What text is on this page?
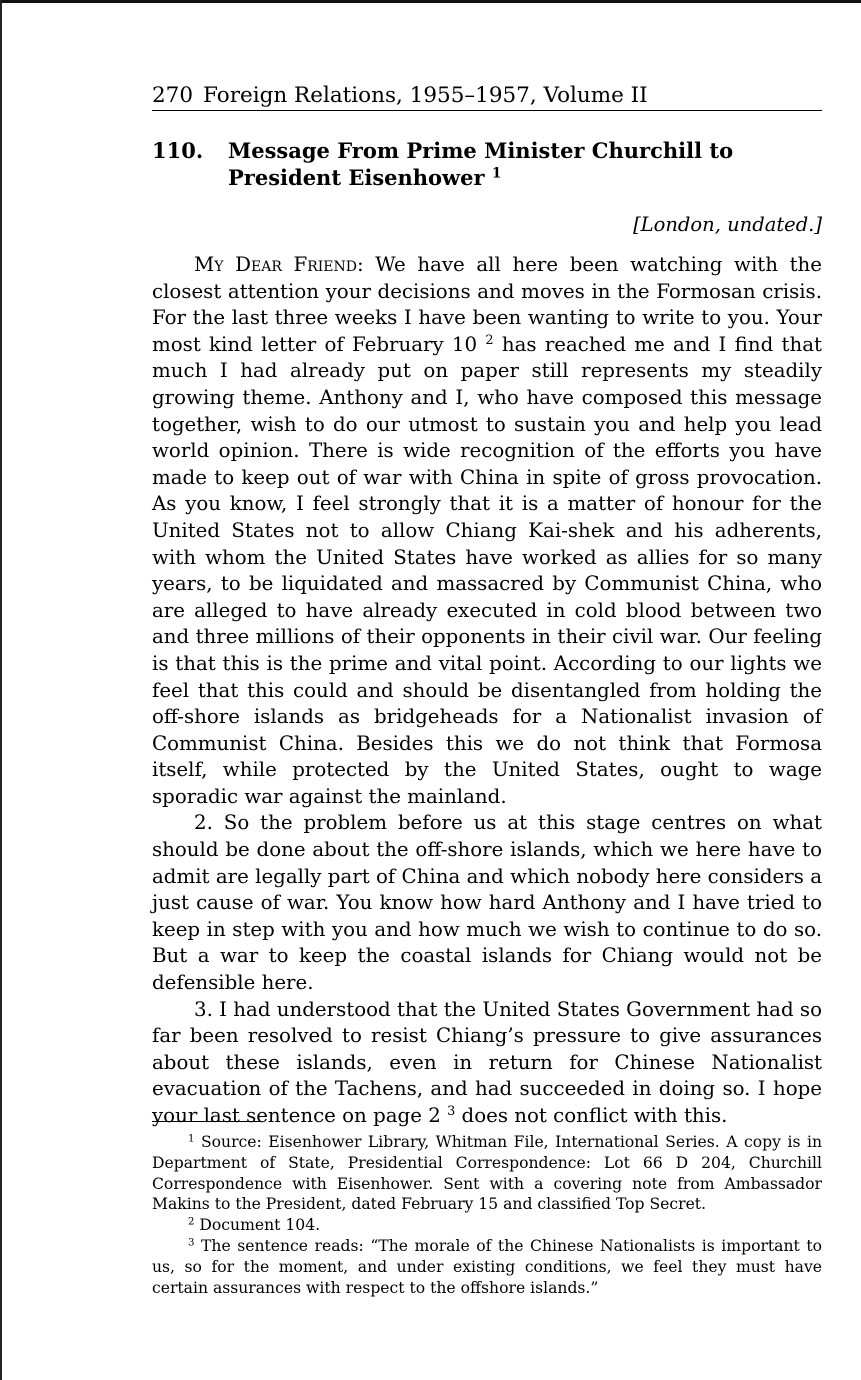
270 Foreign Relations, 1955–1957, Volume II
110. Message From Prime Minister Churchill to President Eisenhower $^1$
[London, undated.]

My Dear Friend: We have all here been watching with the closest attention your decisions and moves in the Formosan crisis. For the last three weeks I have been wanting to write to you. Your most kind letter of February 10 $^2$ has reached me and I find that much I had already put on paper still represents my steadily growing theme. Anthony and I, who have composed this message together, wish to do our utmost to sustain you and help you lead world opinion. There is wide recognition of the efforts you have made to keep out of war with China in spite of gross provocation. As you know, I feel strongly that it is a matter of honour for the United States not to allow Chiang Kai-shek and his adherents, with whom the United States have worked as allies for so many years, to be liquidated and massacred by Communist China, who are alleged to have already executed in cold blood between two and three millions of their opponents in their civil war. Our feeling is that this is the prime and vital point. According to our lights we feel that this could and should be disentangled from holding the off-shore islands as bridgeheads for a Nationalist invasion of Communist China. Besides this we do not think that Formosa itself, while protected by the United States, ought to wage sporadic war against the mainland.

2. So the problem before us at this stage centres on what should be done about the off-shore islands, which we here have to admit are legally part of China and which nobody here considers a just cause of war. You know how hard Anthony and I have tried to keep in step with you and how much we wish to continue to do so. But a war to keep the coastal islands for Chiang would not be defensible here.

3. I had understood that the United States Government had so far been resolved to resist Chiang’s pressure to give assurances about these islands, even in return for Chinese Nationalist evacuation of the Tachens, and had succeeded in doing so. I hope your last sentence on page 2 $^3$ does not conflict with this.

$^1$ Source: Eisenhower Library, Whitman File, International Series. A copy is in Department of State, Presidential Correspondence: Lot 66 D 204, Churchill Correspondence with Eisenhower. Sent with a covering note from Ambassador Makins to the President, dated February 15 and classified Top Secret.

$^2$ Document 104.

$^3$ The sentence reads: “The morale of the Chinese Nationalists is important to us, so for the moment, and under existing conditions, we feel they must have certain assurances with respect to the offshore islands.”
